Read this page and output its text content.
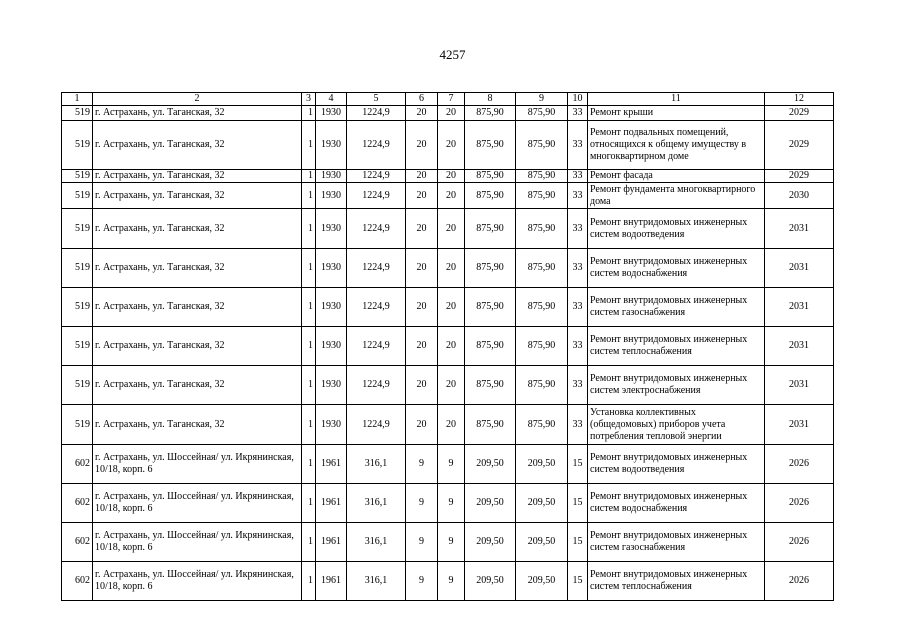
4257
1	2	3	4	5	6	7	8	9	10	11	12
519	г. Астрахань, ул. Таганская, 32	1	1930	1224,9	20	20	875,90	875,90	33	Ремонт крыши	2029
519	г. Астрахань, ул. Таганская, 32	1	1930	1224,9	20	20	875,90	875,90	33	Ремонт подвальных помещений, относящихся к общему имуществу в многоквартирном доме	2029
519	г. Астрахань, ул. Таганская, 32	1	1930	1224,9	20	20	875,90	875,90	33	Ремонт фасада	2029
519	г. Астрахань, ул. Таганская, 32	1	1930	1224,9	20	20	875,90	875,90	33	Ремонт фундамента многоквартирного дома	2030
519	г. Астрахань, ул. Таганская, 32	1	1930	1224,9	20	20	875,90	875,90	33	Ремонт внутридомовых инженерных систем водоотведения	2031
519	г. Астрахань, ул. Таганская, 32	1	1930	1224,9	20	20	875,90	875,90	33	Ремонт внутридомовых инженерных систем водоснабжения	2031
519	г. Астрахань, ул. Таганская, 32	1	1930	1224,9	20	20	875,90	875,90	33	Ремонт внутридомовых инженерных систем газоснабжения	2031
519	г. Астрахань, ул. Таганская, 32	1	1930	1224,9	20	20	875,90	875,90	33	Ремонт внутридомовых инженерных систем теплоснабжения	2031
519	г. Астрахань, ул. Таганская, 32	1	1930	1224,9	20	20	875,90	875,90	33	Ремонт внутридомовых инженерных систем электроснабжения	2031
519	г. Астрахань, ул. Таганская, 32	1	1930	1224,9	20	20	875,90	875,90	33	Установка коллективных (общедомовых) приборов учета потребления тепловой энергии	2031
602	г. Астрахань, ул. Шоссейная/ ул. Икрянинская, 10/18, корп. 6	1	1961	316,1	9	9	209,50	209,50	15	Ремонт внутридомовых инженерных систем водоотведения	2026
602	г. Астрахань, ул. Шоссейная/ ул. Икрянинская, 10/18, корп. 6	1	1961	316,1	9	9	209,50	209,50	15	Ремонт внутридомовых инженерных систем водоснабжения	2026
602	г. Астрахань, ул. Шоссейная/ ул. Икрянинская, 10/18, корп. 6	1	1961	316,1	9	9	209,50	209,50	15	Ремонт внутридомовых инженерных систем газоснабжения	2026
602	г. Астрахань, ул. Шоссейная/ ул. Икрянинская, 10/18, корп. 6	1	1961	316,1	9	9	209,50	209,50	15	Ремонт внутридомовых инженерных систем теплоснабжения	2026
